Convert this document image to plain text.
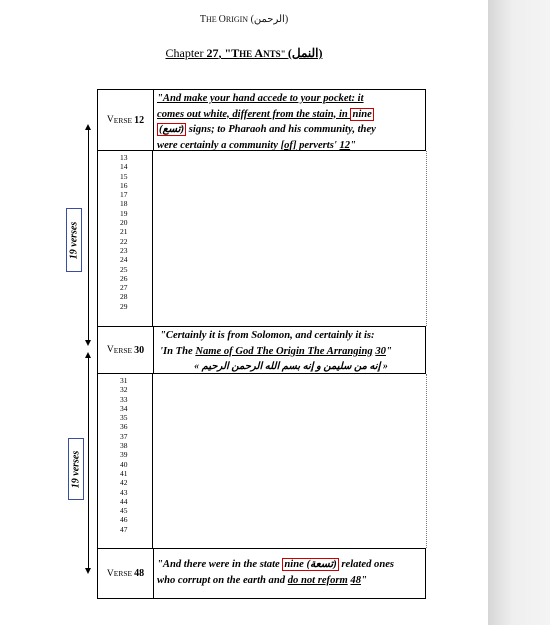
THE ORIGIN (الرحمن)
Chapter 27, "THE ANTS" (النمل)
V ERSE 12
"And make your hand accede to your pocket: it
comes out white, different from the stain, in nine
(تسع) signs; to Pharaoh and his community, they
were certainly a community [of] perverts' 12"
13
14
15
16
17
18
19
20
21
22
23
24
25
26
27
28
29
V ERSE 30
"Certainly it is from Solomon, and certainly it is:
'In The Name of God The Origin The Arranging 30"

« إنه من سليمن و إنه بسم الله الرحمن الرحيم »
31
32
33
34
35
36
37
38
39
40
41
42
43
44
45
46
47
V ERSE 48
"And there were in the state nine (تسعة) related ones
who corrupt on the earth and do not reform 48"
19 verses
19 verses
